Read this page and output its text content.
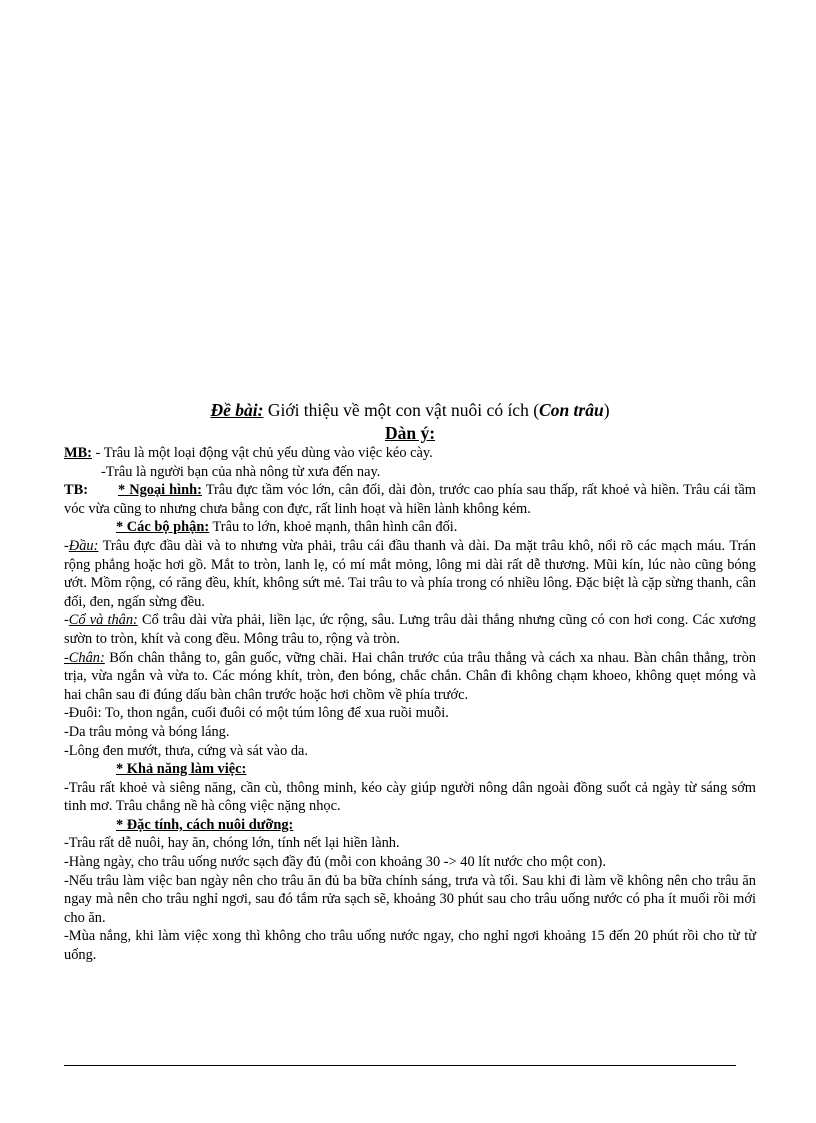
Đề bài: Giới thiệu về một con vật nuôi có ích (Con trâu)

Dàn ý:

MB: - Trâu là một loại động vật chủ yếu dùng vào việc kéo cày.

-Trâu là người bạn của nhà nông từ xưa đến nay.

TB: * Ngoại hình: Trâu đực tầm vóc lớn, cân đối, dài đòn, trước cao phía sau thấp, rất khoẻ và hiền. Trâu cái tầm vóc vừa cũng to nhưng chưa bằng con đực, rất linh hoạt và hiền lành không kém.

* Các bộ phận: Trâu to lớn, khoẻ mạnh, thân hình cân đối.

-Đầu: Trâu đực đầu dài và to nhưng vừa phải, trâu cái đầu thanh và dài. Da mặt trâu khô, nổi rõ các mạch máu. Trán rộng phẳng hoặc hơi gồ. Mắt to tròn, lanh lẹ, có mí mắt mỏng, lông mi dài rất dễ thương. Mũi kín, lúc nào cũng bóng ướt. Mồm rộng, có răng đều, khít, không sứt mẻ. Tai trâu to và phía trong có nhiều lông. Đặc biệt là cặp sừng thanh, cân đối, đen, ngấn sừng đều.

-Cổ và thân: Cổ trâu dài vừa phải, liền lạc, ức rộng, sâu. Lưng trâu dài thẳng nhưng cũng có con hơi cong. Các xương sườn to tròn, khít và cong đều. Mông trâu to, rộng và tròn.

-Chân: Bốn chân thẳng to, gân guốc, vững chãi. Hai chân trước của trâu thẳng và cách xa nhau. Bàn chân thẳng, tròn trịa, vừa ngắn và vừa to. Các móng khít, tròn, đen bóng, chắc chắn. Chân đi không chạm khoeo, không quẹt móng và hai chân sau đi đúng dấu bàn chân trước hoặc hơi chồm về phía trước.

-Đuôi: To, thon ngắn, cuối đuôi có một túm lông để xua ruồi muỗi.

-Da trâu mỏng và bóng láng.

-Lông đen mướt, thưa, cứng và sát vào da.

* Khả năng làm việc:

-Trâu rất khoẻ và siêng năng, cần cù, thông minh, kéo cày giúp người nông dân ngoài đồng suốt cả ngày từ sáng sớm tinh mơ. Trâu chẳng nề hà công việc nặng nhọc.

* Đặc tính, cách nuôi dưỡng:

-Trâu rất dễ nuôi, hay ăn, chóng lớn, tính nết lại hiền lành.

-Hàng ngày, cho trâu uống nước sạch đầy đủ (mỗi con khoảng 30 -> 40 lít nước cho một con).

-Nếu trâu làm việc ban ngày nên cho trâu ăn đủ ba bữa chính sáng, trưa và tối. Sau khi đi làm về không nên cho trâu ăn ngay mà nên cho trâu nghỉ ngơi, sau đó tắm rửa sạch sẽ, khoảng 30 phút sau cho trâu uống nước có pha ít muối rồi mới cho ăn.

-Mùa nắng, khi làm việc xong thì không cho trâu uống nước ngay, cho nghỉ ngơi khoảng 15 đến 20 phút rồi cho từ từ uống.
